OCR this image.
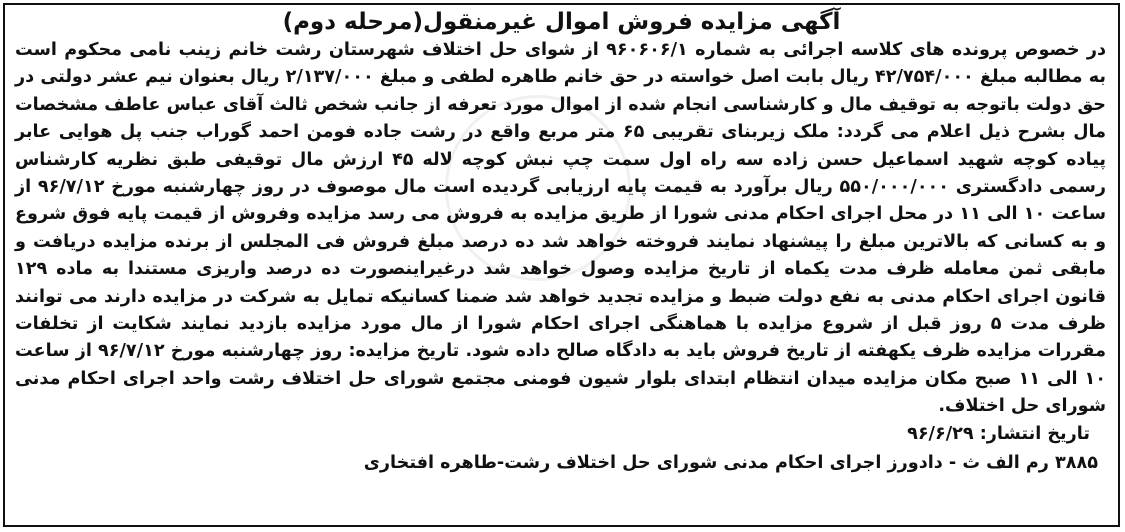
آگهی مزایده فروش اموال غیرمنقول(مرحله دوم)
در خصوص پرونده های کلاسه اجرائی به شماره ۹۶۰۶۰۶/۱ از شوای حل اختلاف شهرستان رشت خانم زینب نامی محکوم است به مطالبه مبلغ ۴۲/۷۵۴/۰۰۰ ریال بابت اصل خواسته در حق خانم طاهره لطفی و مبلغ ۲/۱۳۷/۰۰۰ ریال بعنوان نیم عشر دولتی در حق دولت باتوجه به توقیف مال و کارشناسی انجام شده از اموال مورد تعرفه از جانب شخص ثالث آقای عباس عاطف مشخصات مال بشرح ذیل اعلام می گردد: ملک زیربنای تقریبی ۶۵ متر مربع واقع در رشت جاده فومن احمد گوراب جنب پل هوایی عابر پیاده کوچه شهید اسماعیل حسن زاده سه راه اول سمت چپ نبش کوچه لاله ۴۵ ارزش مال توقیفی طبق نظریه کارشناس رسمی دادگستری ۵۵۰/۰۰۰/۰۰۰ ریال برآورد به قیمت پایه ارزیابی گردیده است مال موصوف در روز چهارشنبه مورخ ۹۶/۷/۱۲ از ساعت ۱۰ الی ۱۱ در محل اجرای احکام مدنی شورا از طریق مزایده به فروش می رسد مزایده وفروش از قیمت پایه فوق شروع و به کسانی که بالاترین مبلغ را پیشنهاد نمایند فروخته خواهد شد ده درصد مبلغ فروش فی المجلس از برنده مزایده دریافت و مابقی ثمن معامله ظرف مدت یکماه از تاریخ مزایده وصول خواهد شد درغیراینصورت ده درصد واریزی مستندا به ماده ۱۲۹ قانون اجرای احکام مدنی به نفع دولت ضبط و مزایده تجدید خواهد شد ضمنا کسانیکه تمایل به شرکت در مزایده دارند می توانند ظرف مدت ۵ روز قبل از شروع مزایده با هماهنگی اجرای احکام شورا از مال مورد مزایده بازدید نمایند شکایت از تخلفات مقررات مزایده ظرف یکهفته از تاریخ فروش باید به دادگاه صالح داده شود. تاریخ مزایده: روز چهارشنبه مورخ ۹۶/۷/۱۲ از ساعت ۱۰ الی ۱۱ صبح مکان مزایده میدان انتظام ابتدای بلوار شیون فومنی مجتمع شورای حل اختلاف رشت واحد اجرای احکام مدنی شورای حل اختلاف.
تاریخ انتشار: ۹۶/۶/۲۹
۳۸۸۵ رم الف ث - دادورز اجرای احکام مدنی شورای حل اختلاف رشت-طاهره افتخاری
